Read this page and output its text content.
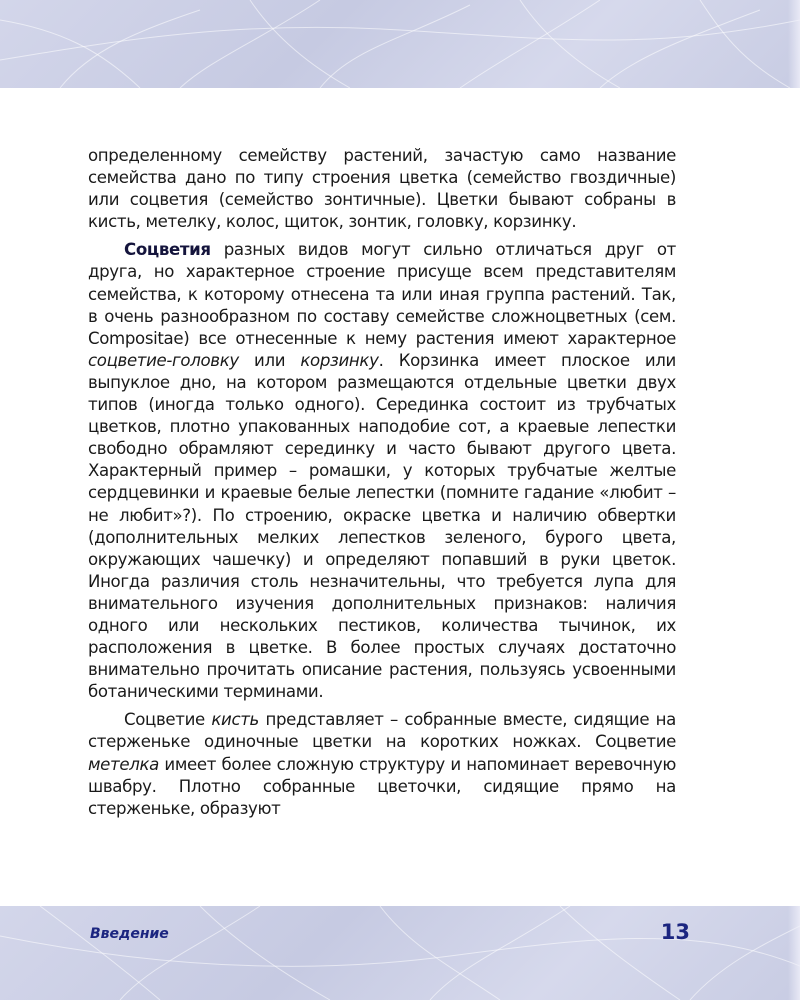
определенному семейству растений, зачастую само название семейства дано по типу строения цветка (семейство гвоздичные) или соцветия (семейство зонтичные). Цветки бывают собраны в кисть, метелку, колос, щиток, зонтик, головку, корзинку.

Соцветия разных видов могут сильно отличаться друг от друга, но характерное строение присуще всем представителям семейства, к которому отнесена та или иная группа растений. Так, в очень разнообразном по составу семействе сложноцветных (сем. Compositae) все отнесенные к нему растения имеют характерное соцветие-головку или корзинку. Корзинка имеет плоское или выпуклое дно, на котором размещаются отдельные цветки двух типов (иногда только одного). Серединка состоит из трубчатых цветков, плотно упакованных наподобие сот, а краевые лепестки свободно обрамляют серединку и часто бывают другого цвета. Характерный пример – ромашки, у которых трубчатые желтые сердцевинки и краевые белые лепестки (помните гадание «любит – не любит»?). По строению, окраске цветка и наличию обвертки (дополнительных мелких лепестков зеленого, бурого цвета, окружающих чашечку) и определяют попавший в руки цветок. Иногда различия столь незначительны, что требуется лупа для внимательного изучения дополнительных признаков: наличия одного или нескольких пестиков, количества тычинок, их расположения в цветке. В более простых случаях достаточно внимательно прочитать описание растения, пользуясь усвоенными ботаническими терминами.

Соцветие кисть представляет – собранные вместе, сидящие на стерженьке одиночные цветки на коротких ножках. Соцветие метелка имеет более сложную структуру и напоминает веревочную швабру. Плотно собранные цветочки, сидящие прямо на стерженьке, образуют

Введение	13
